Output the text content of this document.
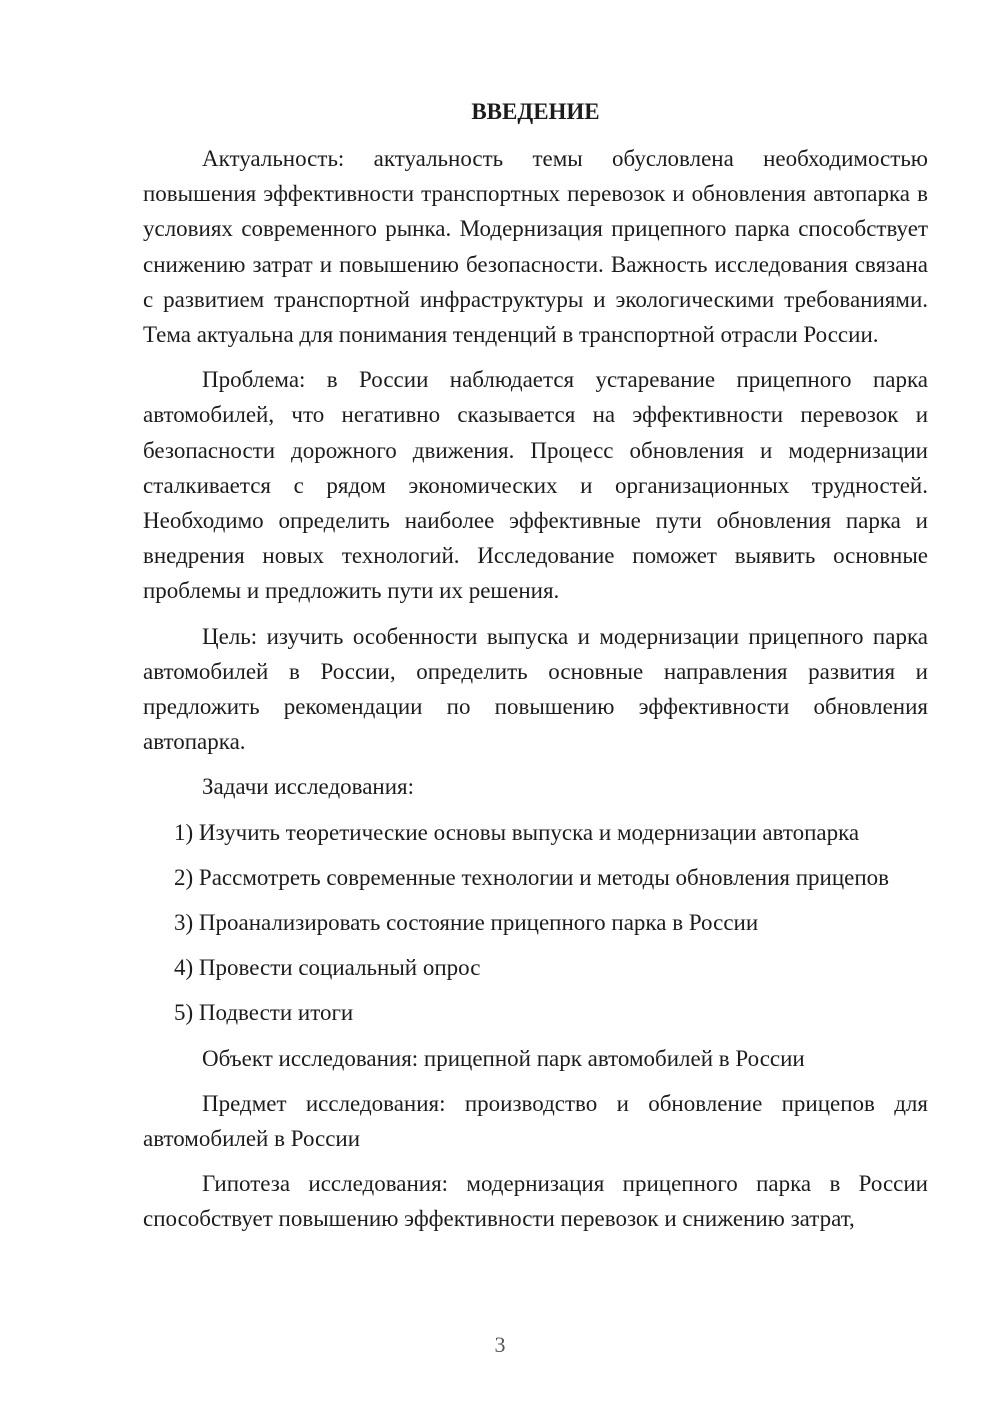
ВВЕДЕНИЕ

Актуальность: актуальность темы обусловлена необходимостью повышения эффективности транспортных перевозок и обновления автопарка в условиях современного рынка. Модернизация прицепного парка способствует снижению затрат и повышению безопасности. Важность исследования связана с развитием транспортной инфраструктуры и экологическими требованиями. Тема актуальна для понимания тенденций в транспортной отрасли России.

Проблема: в России наблюдается устаревание прицепного парка автомобилей, что негативно сказывается на эффективности перевозок и безопасности дорожного движения. Процесс обновления и модернизации сталкивается с рядом экономических и организационных трудностей. Необходимо определить наиболее эффективные пути обновления парка и внедрения новых технологий. Исследование поможет выявить основные проблемы и предложить пути их решения.

Цель: изучить особенности выпуска и модернизации прицепного парка автомобилей в России, определить основные направления развития и предложить рекомендации по повышению эффективности обновления автопарка.

Задачи исследования:

1) Изучить теоретические основы выпуска и модернизации автопарка

2) Рассмотреть современные технологии и методы обновления прицепов

3) Проанализировать состояние прицепного парка в России

4) Провести социальный опрос

5) Подвести итоги

Объект исследования: прицепной парк автомобилей в России

Предмет исследования: производство и обновление прицепов для автомобилей в России

Гипотеза исследования: модернизация прицепного парка в России способствует повышению эффективности перевозок и снижению затрат,

3
